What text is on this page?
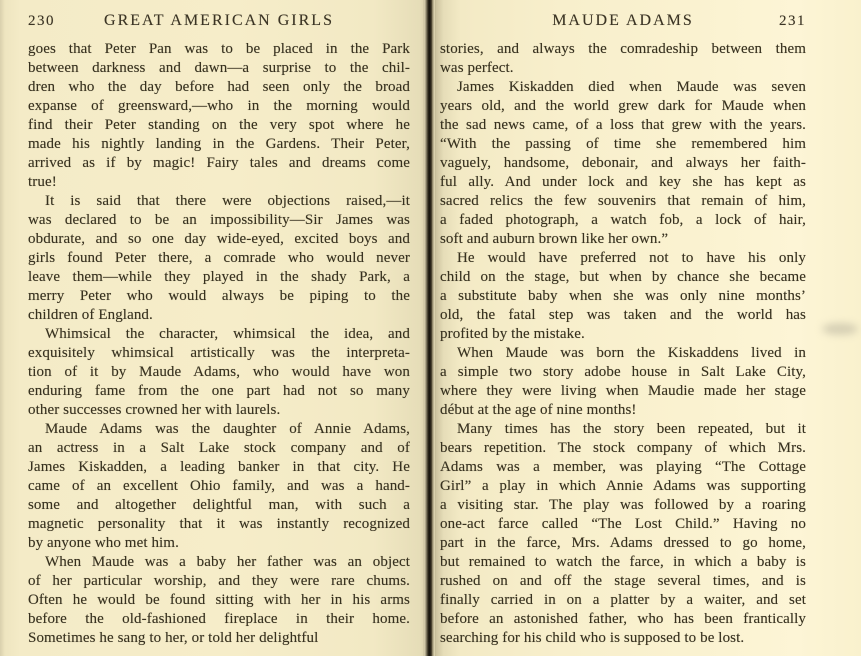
230	GREAT AMERICAN GIRLS
goes that Peter Pan was to be placed in the Park
between darkness and dawn—a surprise to the chil-
dren who the day before had seen only the broad
expanse of greensward,—who in the morning would
find their Peter standing on the very spot where he
made his nightly landing in the Gardens. Their Peter,
arrived as if by magic! Fairy tales and dreams come
true!
It is said that there were objections raised,—it
was declared to be an impossibility—Sir James was
obdurate, and so one day wide-eyed, excited boys and
girls found Peter there, a comrade who would never
leave them—while they played in the shady Park, a
merry Peter who would always be piping to the
children of England.
Whimsical the character, whimsical the idea, and
exquisitely whimsical artistically was the interpreta-
tion of it by Maude Adams, who would have won
enduring fame from the one part had not so many
other successes crowned her with laurels.
Maude Adams was the daughter of Annie Adams,
an actress in a Salt Lake stock company and of
James Kiskadden, a leading banker in that city. He
came of an excellent Ohio family, and was a hand-
some and altogether delightful man, with such a
magnetic personality that it was instantly recognized
by anyone who met him.
When Maude was a baby her father was an object
of her particular worship, and they were rare chums.
Often he would be found sitting with her in his arms
before the old-fashioned fireplace in their home.
Sometimes he sang to her, or told her delightful
MAUDE ADAMS	231
stories, and always the comradeship between them
was perfect.
James Kiskadden died when Maude was seven
years old, and the world grew dark for Maude when
the sad news came, of a loss that grew with the years.
“With the passing of time she remembered him
vaguely, handsome, debonair, and always her faith-
ful ally. And under lock and key she has kept as
sacred relics the few souvenirs that remain of him,
a faded photograph, a watch fob, a lock of hair,
soft and auburn brown like her own.”
He would have preferred not to have his only
child on the stage, but when by chance she became
a substitute baby when she was only nine months’
old, the fatal step was taken and the world has
profited by the mistake.
When Maude was born the Kiskaddens lived in
a simple two story adobe house in Salt Lake City,
where they were living when Maudie made her stage
début at the age of nine months!
Many times has the story been repeated, but it
bears repetition. The stock company of which Mrs.
Adams was a member, was playing “The Cottage
Girl” a play in which Annie Adams was supporting
a visiting star. The play was followed by a roaring
one-act farce called “The Lost Child.” Having no
part in the farce, Mrs. Adams dressed to go home,
but remained to watch the farce, in which a baby is
rushed on and off the stage several times, and is
finally carried in on a platter by a waiter, and set
before an astonished father, who has been frantically
searching for his child who is supposed to be lost.
